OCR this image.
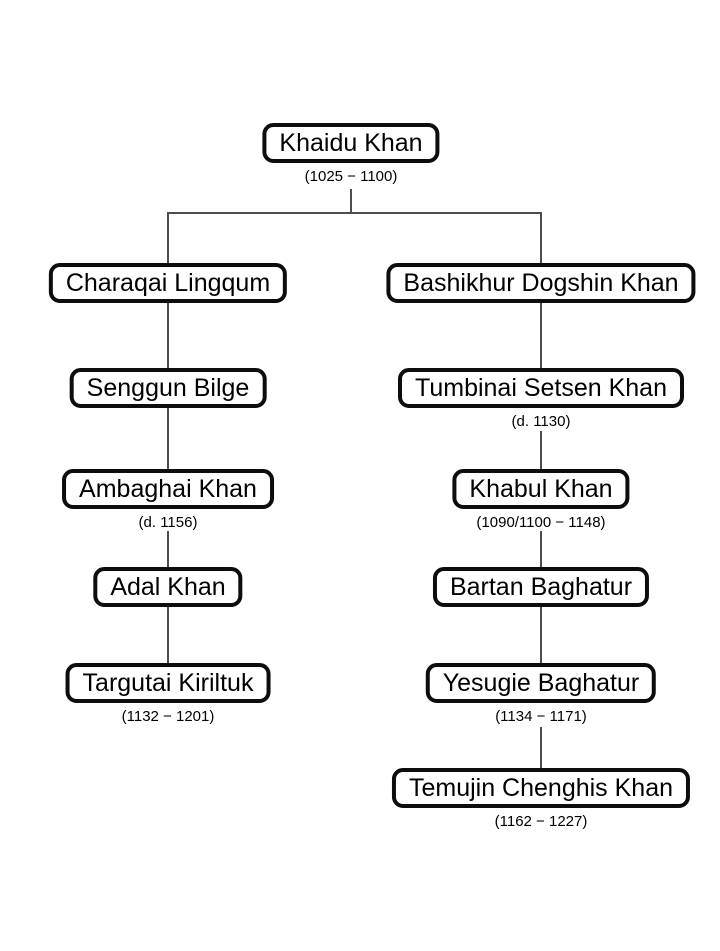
Khaidu Khan
(1025 − 1100)
Charaqai Lingqum
Senggun Bilge
Ambaghai Khan
(d. 1156)
Adal Khan
Targutai Kiriltuk
(1132 − 1201)
Bashikhur Dogshin Khan
Tumbinai Setsen Khan
(d. 1130)
Khabul Khan
(1090/1100 − 1148)
Bartan Baghatur
Yesugie Baghatur
(1134 − 1171)
Temujin Chenghis Khan
(1162 − 1227)
